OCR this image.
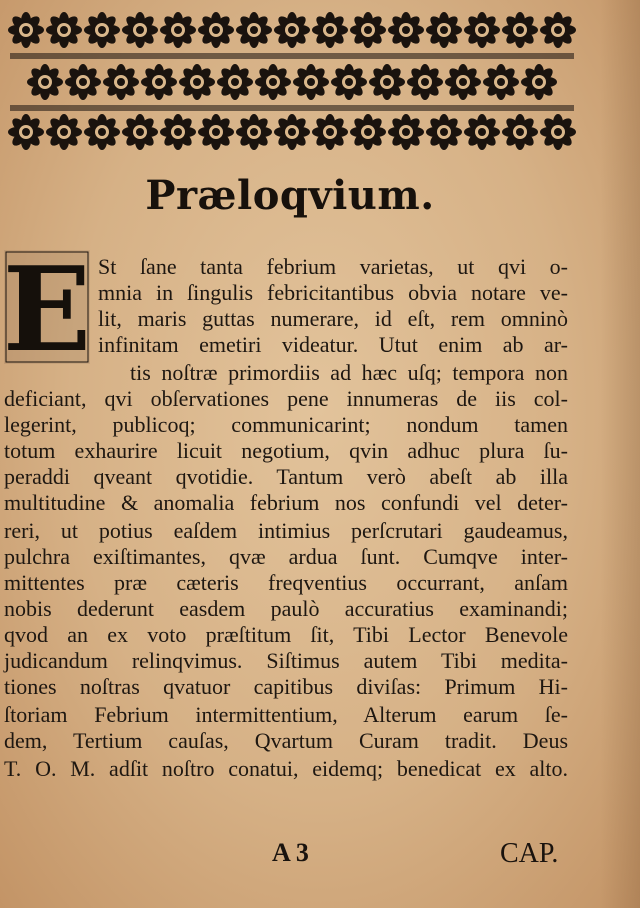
Præloqvium.
E St ſane tanta febrium varietas, ut qvi o-
mnia in ſingulis febricitantibus obvia notare ve-
lit, maris guttas numerare, id eſt, rem omninò
infinitam emetiri videatur. Utut enim ab ar-
tis noſtræ primordiis ad hæc uſq; tempora non
deficiant, qvi obſervationes pene innumeras de iis col-
legerint, publicoq; communicarint; nondum tamen
totum exhaurire licuit negotium, qvin adhuc plura ſu-
peraddi qveant qvotidie. Tantum verò abeſt ab illa
multitudine & anomalia febrium nos confundi vel deter-
reri, ut potius eaſdem intimius perſcrutari gaudeamus,
pulchra exiſtimantes, qvæ ardua ſunt. Cumqve inter-
mittentes præ cæteris freqventius occurrant, anſam
nobis dederunt easdem paulò accuratius examinandi;
qvod an ex voto præſtitum ſit, Tibi Lector Benevole
judicandum relinqvimus. Siſtimus autem Tibi medita-
tiones noſtras qvatuor capitibus diviſas: Primum Hi-
ſtoriam Febrium intermittentium, Alterum earum ſe-
dem, Tertium cauſas, Qvartum Curam tradit. Deus
T. O. M. adſit noſtro conatui, eidemq; benedicat ex alto.
A 3	CAP.
